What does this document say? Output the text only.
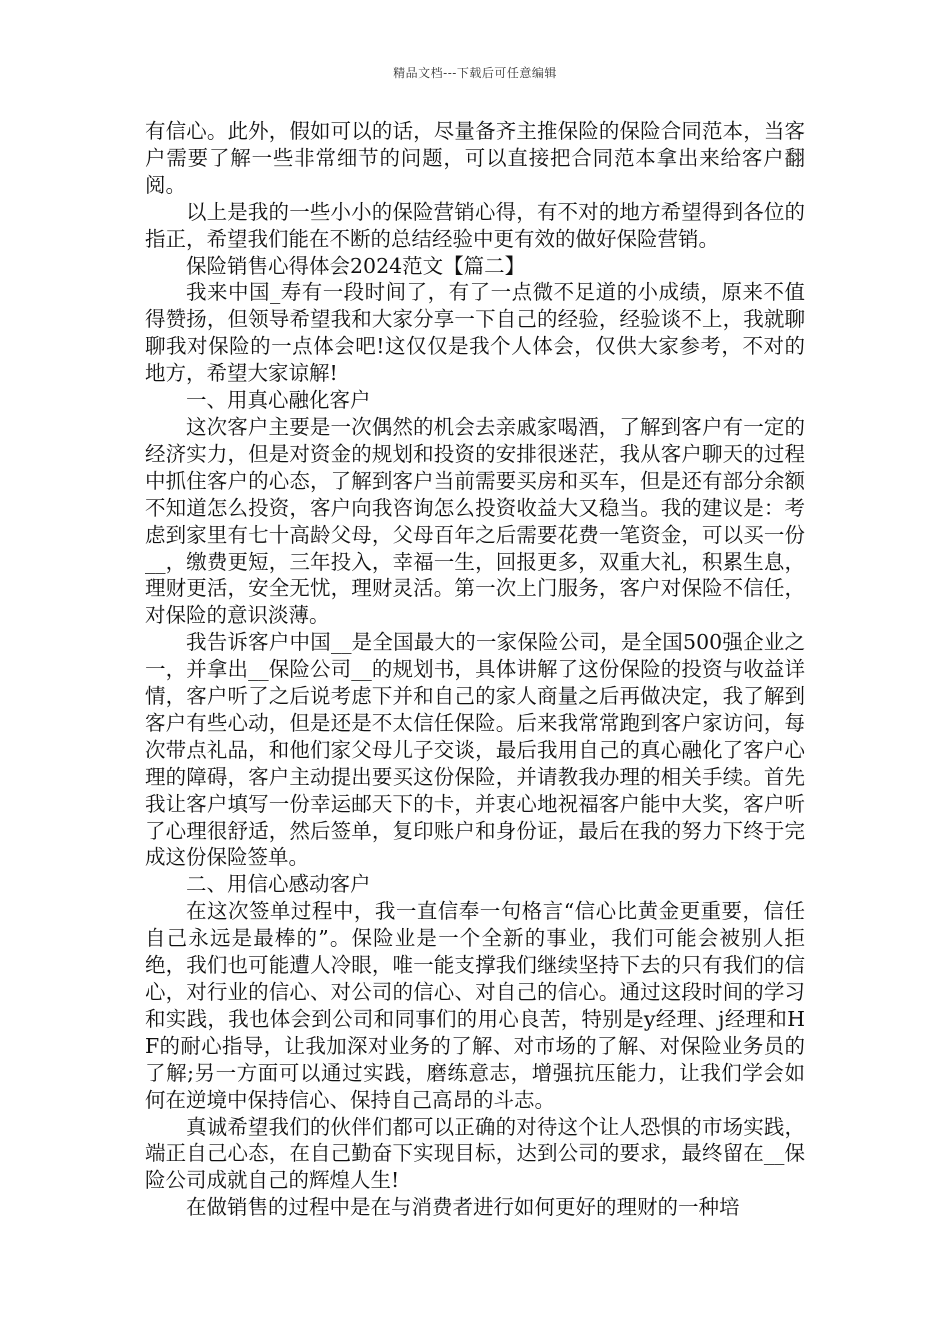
精品文档---下载后可任意编辑

有信心。此外，假如可以的话，尽量备齐主推保险的保险合同范本，当客户需要了解一些非常细节的问题，可以直接把合同范本拿出来给客户翻阅。

以上是我的一些小小的保险营销心得，有不对的地方希望得到各位的指正，希望我们能在不断的总结经验中更有效的做好保险营销。

保险销售心得体会2024范文【篇二】

我来中国_寿有一段时间了，有了一点微不足道的小成绩，原来不值得赞扬，但领导希望我和大家分享一下自己的经验，经验谈不上，我就聊聊我对保险的一点体会吧!这仅仅是我个人体会，仅供大家参考，不对的地方，希望大家谅解!

一、用真心融化客户

这次客户主要是一次偶然的机会去亲戚家喝酒，了解到客户有一定的经济实力，但是对资金的规划和投资的安排很迷茫，我从客户聊天的过程中抓住客户的心态，了解到客户当前需要买房和买车，但是还有部分余额不知道怎么投资，客户向我咨询怎么投资收益大又稳当。我的建议是：考虑到家里有七十高龄父母，父母百年之后需要花费一笔资金，可以买一份__，缴费更短，三年投入，幸福一生，回报更多，双重大礼，积累生息，理财更活，安全无忧，理财灵活。第一次上门服务，客户对保险不信任，对保险的意识淡薄。

我告诉客户中国__是全国最大的一家保险公司，是全国500强企业之一，并拿出__保险公司__的规划书，具体讲解了这份保险的投资与收益详情，客户听了之后说考虑下并和自己的家人商量之后再做决定，我了解到客户有些心动，但是还是不太信任保险。后来我常常跑到客户家访问，每次带点礼品，和他们家父母儿子交谈，最后我用自己的真心融化了客户心理的障碍，客户主动提出要买这份保险，并请教我办理的相关手续。首先我让客户填写一份幸运邮天下的卡，并衷心地祝福客户能中大奖，客户听了心理很舒适，然后签单，复印账户和身份证，最后在我的努力下终于完成这份保险签单。

二、用信心感动客户

在这次签单过程中，我一直信奉一句格言“信心比黄金更重要，信任自己永远是最棒的”。保险业是一个全新的事业，我们可能会被别人拒绝，我们也可能遭人冷眼，唯一能支撑我们继续坚持下去的只有我们的信心，对行业的信心、对公司的信心、对自己的信心。通过这段时间的学习和实践，我也体会到公司和同事们的用心良苦，特别是y经理、j经理和HF的耐心指导，让我加深对业务的了解、对市场的了解、对保险业务员的了解;另一方面可以通过实践，磨练意志，增强抗压能力，让我们学会如何在逆境中保持信心、保持自己高昂的斗志。

真诚希望我们的伙伴们都可以正确的对待这个让人恐惧的市场实践，端正自己心态，在自己勤奋下实现目标，达到公司的要求，最终留在__保险公司成就自己的辉煌人生!

在做销售的过程中是在与消费者进行如何更好的理财的一种培
